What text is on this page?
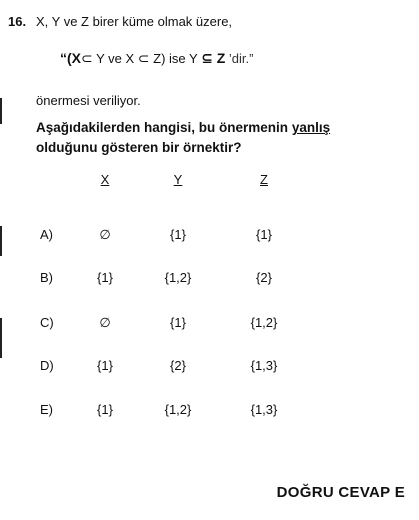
16. X, Y ve Z birer küme olmak üzere,
“(X⊂ Y ve X ⊂ Z) ise Y ⊆ Z ’dir.”
önermesi veriliyor.
Aşağıdakilerden hangisi, bu önermenin yanlış olduğunu gösteren bir örnektir?
X	Y	Z
A)	∅	{1}	{1}
B)	{1}	{1,2}	{2}
C)	∅	{1}	{1,2}
D)	{1}	{2}	{1,3}
E)	{1}	{1,2}	{1,3}
DOĞRU CEVAP E
